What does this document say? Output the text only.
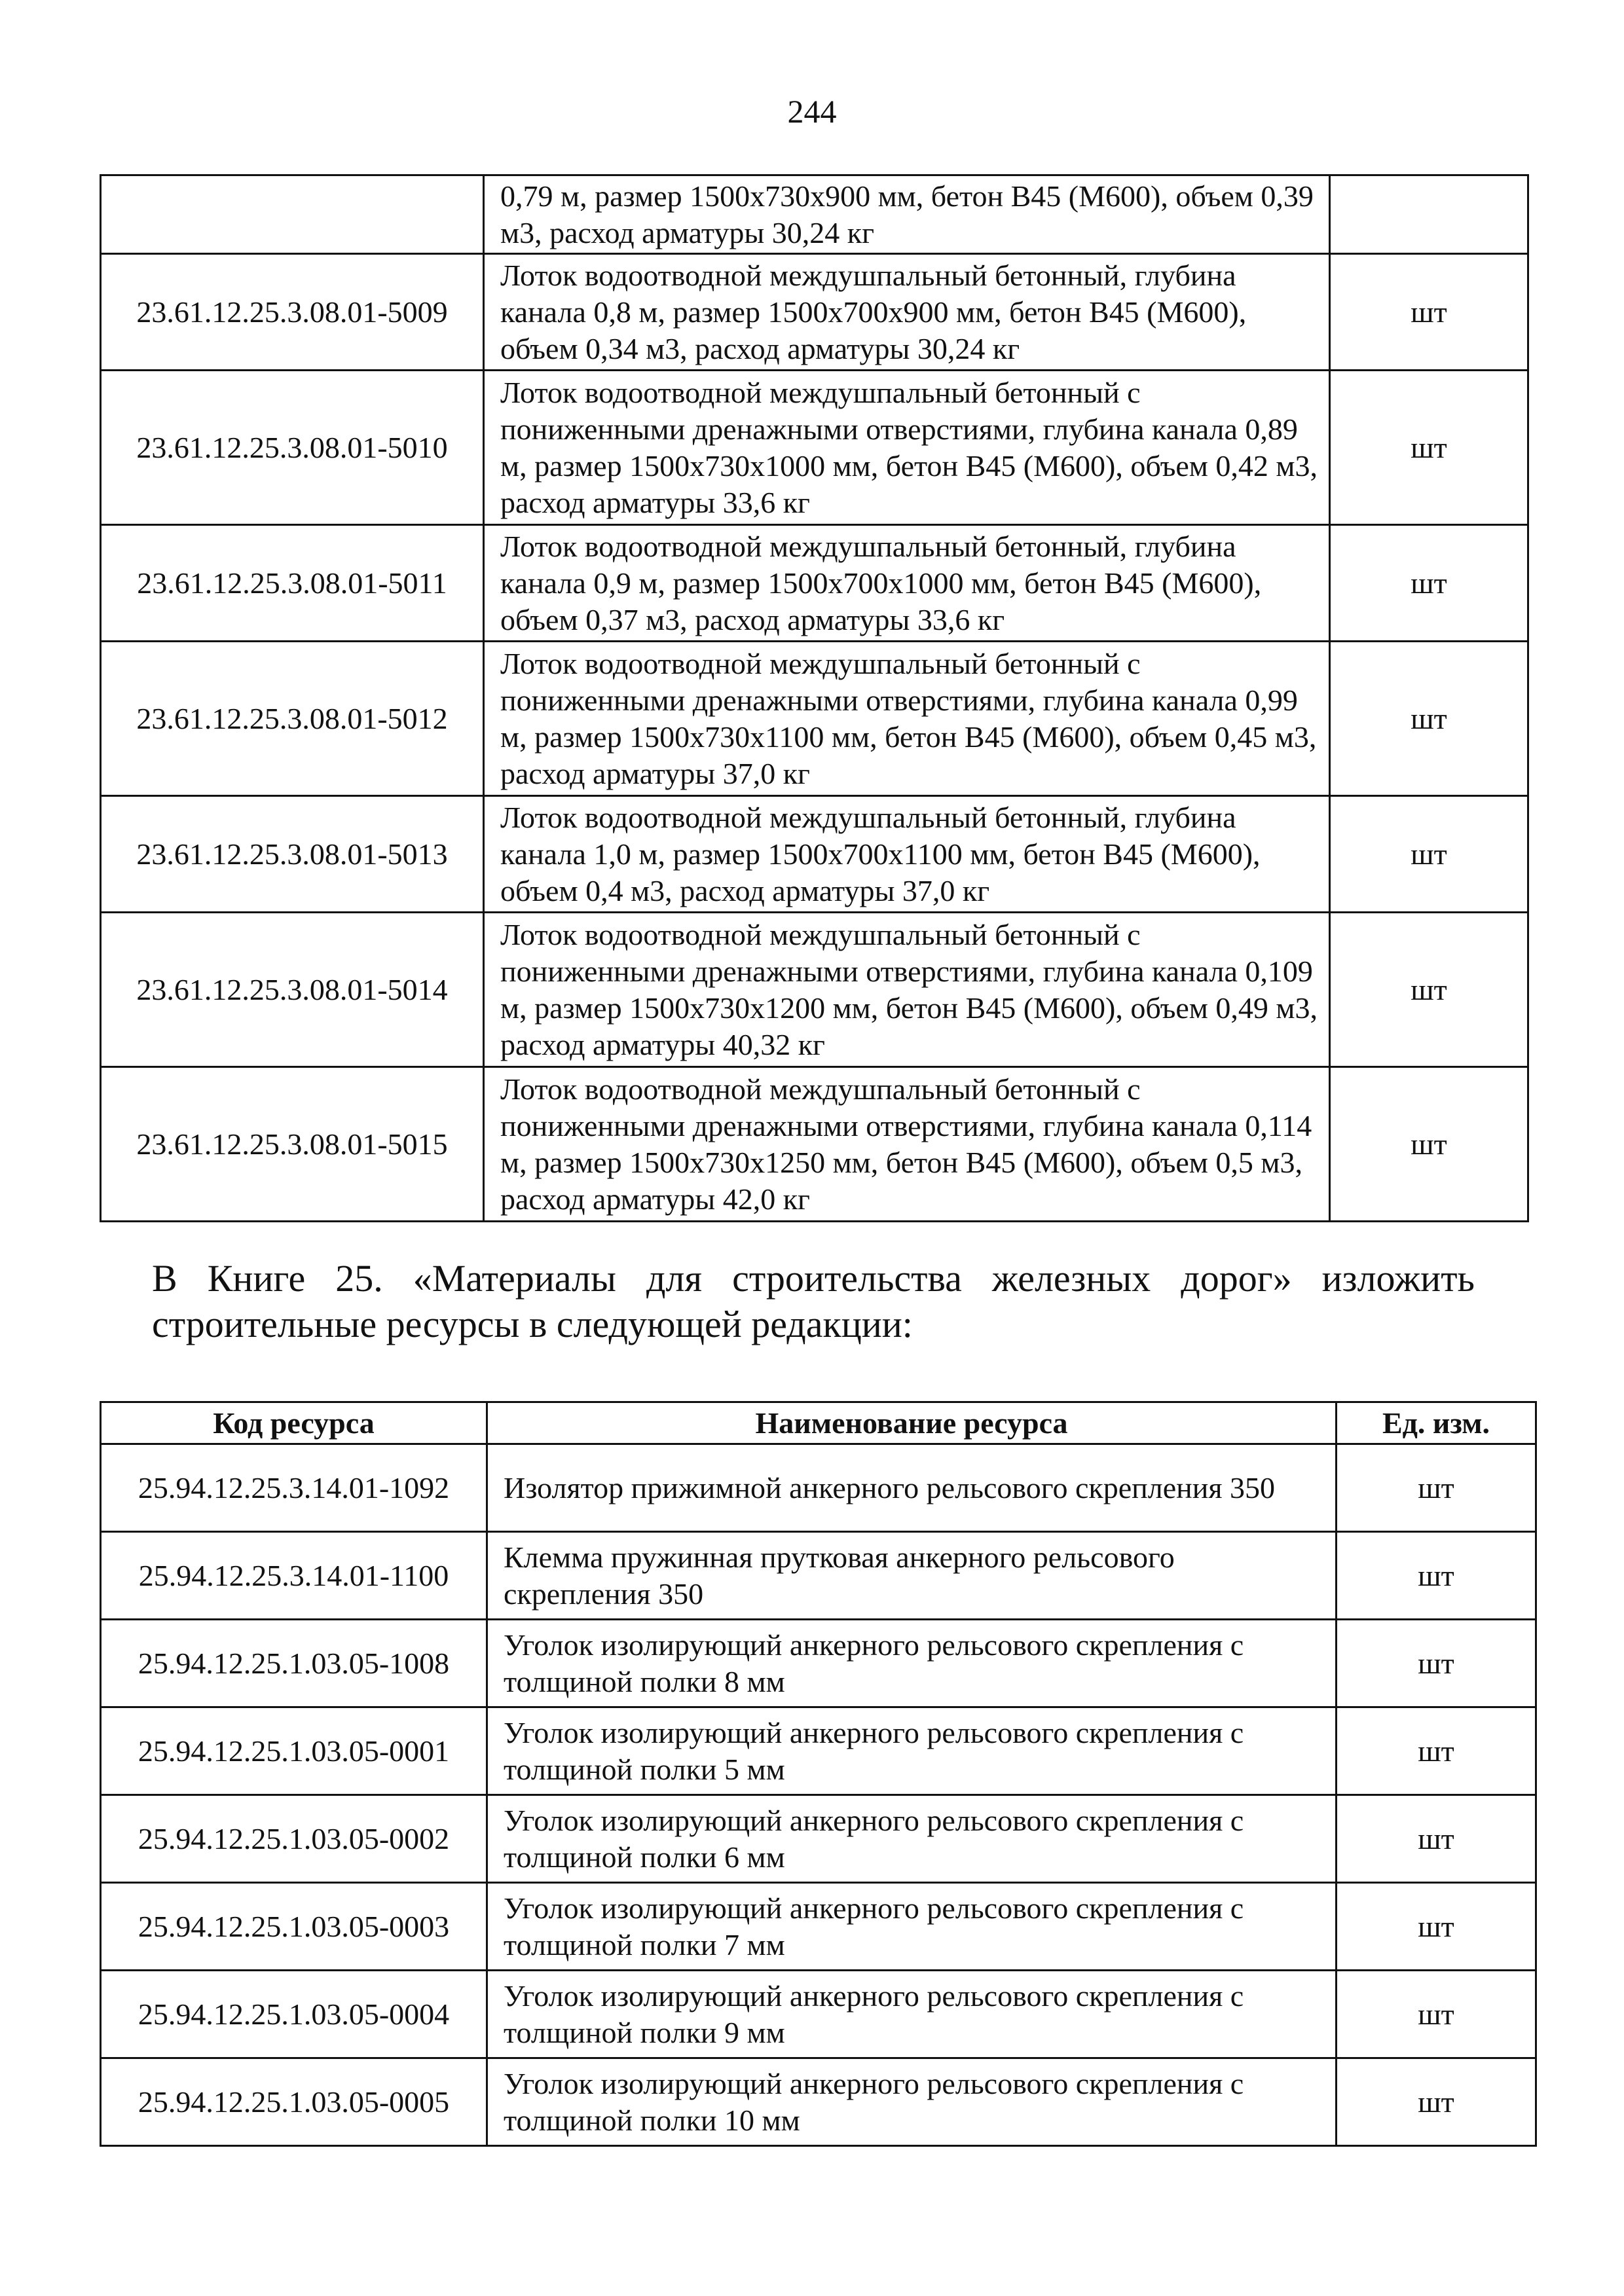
244
	0,79 м, размер 1500х730х900 мм, бетон В45 (М600), объем 0,39 м3, расход арматуры 30,24 кг	
23.61.12.25.3.08.01-5009	Лоток водоотводной междушпальный бетонный, глубина канала 0,8 м, размер 1500х700х900 мм, бетон В45 (М600), объем 0,34 м3, расход арматуры 30,24 кг	шт
23.61.12.25.3.08.01-5010	Лоток водоотводной междушпальный бетонный с пониженными дренажными отверстиями, глубина канала 0,89 м, размер 1500х730х1000 мм, бетон В45 (М600), объем 0,42 м3, расход арматуры 33,6 кг	шт
23.61.12.25.3.08.01-5011	Лоток водоотводной междушпальный бетонный, глубина канала 0,9 м, размер 1500х700х1000 мм, бетон В45 (М600), объем 0,37 м3, расход арматуры 33,6 кг	шт
23.61.12.25.3.08.01-5012	Лоток водоотводной междушпальный бетонный с пониженными дренажными отверстиями, глубина канала 0,99 м, размер 1500х730х1100 мм, бетон В45 (М600), объем 0,45 м3, расход арматуры 37,0 кг	шт
23.61.12.25.3.08.01-5013	Лоток водоотводной междушпальный бетонный, глубина канала 1,0 м, размер 1500х700х1100 мм, бетон В45 (М600), объем 0,4 м3, расход арматуры 37,0 кг	шт
23.61.12.25.3.08.01-5014	Лоток водоотводной междушпальный бетонный с пониженными дренажными отверстиями, глубина канала 0,109 м, размер 1500х730х1200 мм, бетон В45 (М600), объем 0,49 м3, расход арматуры 40,32 кг	шт
23.61.12.25.3.08.01-5015	Лоток водоотводной междушпальный бетонный с пониженными дренажными отверстиями, глубина канала 0,114 м, размер 1500х730х1250 мм, бетон В45 (М600), объем 0,5 м3, расход арматуры 42,0 кг	шт
В Книге 25. «Материалы для строительства железных дорог» изложить строительные ресурсы в следующей редакции:
Код ресурса	Наименование ресурса	Ед. изм.
25.94.12.25.3.14.01-1092	Изолятор прижимной анкерного рельсового скрепления 350	шт
25.94.12.25.3.14.01-1100	Клемма пружинная прутковая анкерного рельсового скрепления 350	шт
25.94.12.25.1.03.05-1008	Уголок изолирующий анкерного рельсового скрепления с толщиной полки 8 мм	шт
25.94.12.25.1.03.05-0001	Уголок изолирующий анкерного рельсового скрепления с толщиной полки 5 мм	шт
25.94.12.25.1.03.05-0002	Уголок изолирующий анкерного рельсового скрепления с толщиной полки 6 мм	шт
25.94.12.25.1.03.05-0003	Уголок изолирующий анкерного рельсового скрепления с толщиной полки 7 мм	шт
25.94.12.25.1.03.05-0004	Уголок изолирующий анкерного рельсового скрепления с толщиной полки 9 мм	шт
25.94.12.25.1.03.05-0005	Уголок изолирующий анкерного рельсового скрепления с толщиной полки 10 мм	шт
